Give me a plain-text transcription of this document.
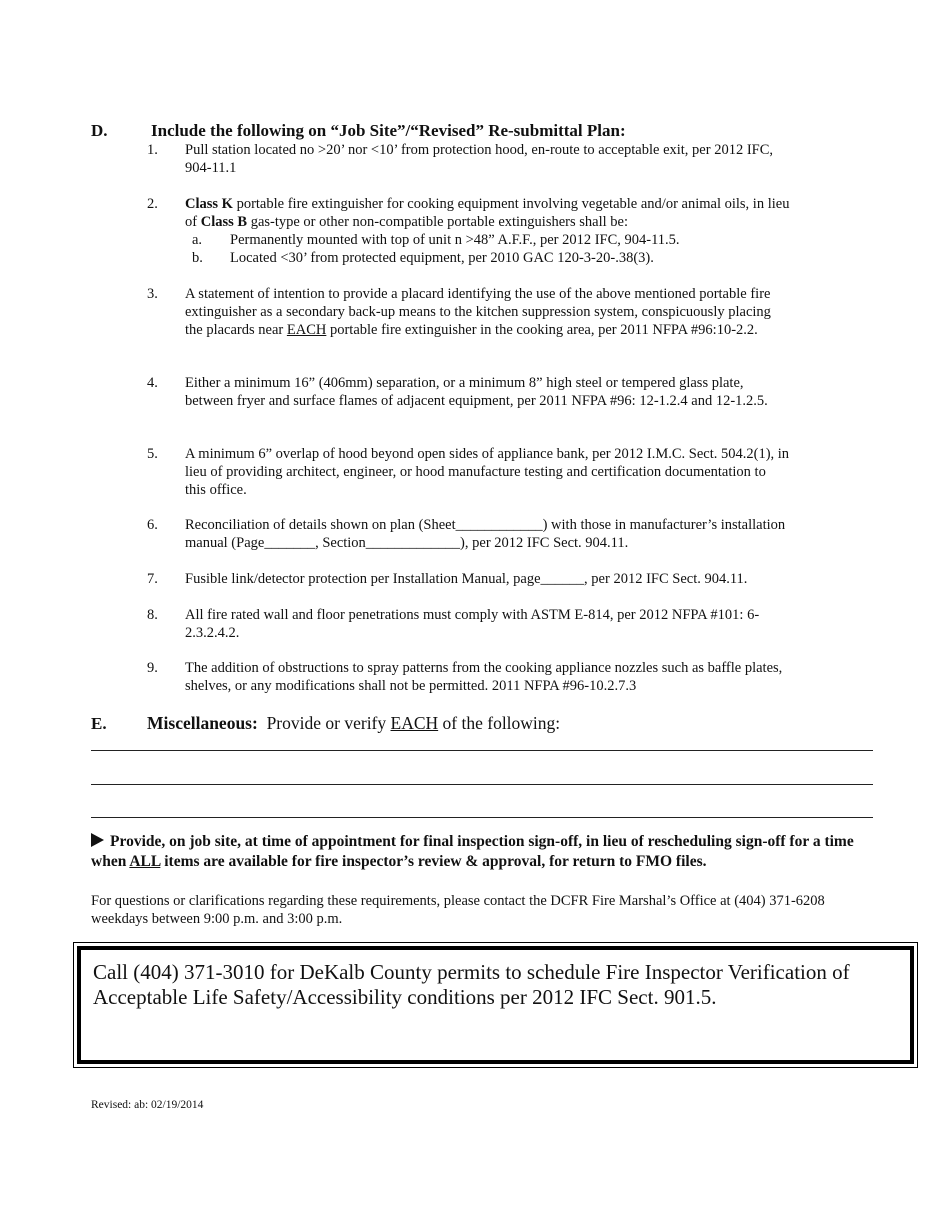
D.	Include the following on “Job Site”/“Revised” Re-submittal Plan:
1. Pull station located no >20’ nor <10’ from protection hood, en-route to acceptable exit, per 2012 IFC, 904-11.1
2. Class K portable fire extinguisher for cooking equipment involving vegetable and/or animal oils, in lieu of Class B gas-type or other non-compatible portable extinguishers shall be:
a. Permanently mounted with top of unit n >48” A.F.F., per 2012 IFC, 904-11.5.
b. Located <30’ from protected equipment, per 2010 GAC 120-3-20-.38(3).
3. A statement of intention to provide a placard identifying the use of the above mentioned portable fire extinguisher as a secondary back-up means to the kitchen suppression system, conspicuously placing the placards near EACH portable fire extinguisher in the cooking area, per 2011 NFPA #96:10-2.2.
4. Either a minimum 16” (406mm) separation, or a minimum 8” high steel or tempered glass plate, between fryer and surface flames of adjacent equipment, per 2011 NFPA #96: 12-1.2.4 and 12-1.2.5.
5. A minimum 6” overlap of hood beyond open sides of appliance bank, per 2012 I.M.C. Sect. 504.2(1), in lieu of providing architect, engineer, or hood manufacture testing and certification documentation to this office.
6. Reconciliation of details shown on plan (Sheet____________) with those in manufacturer’s installation manual (Page_______, Section_____________), per 2012 IFC Sect. 904.11.
7. Fusible link/detector protection per Installation Manual, page______, per 2012 IFC Sect. 904.11.
8. All fire rated wall and floor penetrations must comply with ASTM E-814, per 2012 NFPA #101: 6-2.3.2.4.2.
9. The addition of obstructions to spray patterns from the cooking appliance nozzles such as baffle plates, shelves, or any modifications shall not be permitted. 2011 NFPA #96-10.2.7.3
E. Miscellaneous:  Provide or verify EACH of the following:
Provide, on job site, at time of appointment for final inspection sign-off, in lieu of rescheduling sign-off for a time when ALL items are available for fire inspector’s review & approval, for return to FMO files.
For questions or clarifications regarding these requirements, please contact the DCFR Fire Marshal’s Office at (404) 371-6208 weekdays between 9:00 p.m. and 3:00 p.m.
Call (404) 371-3010 for DeKalb County permits to schedule Fire Inspector Verification of Acceptable Life Safety/Accessibility conditions per 2012 IFC Sect. 901.5.
Revised: ab: 02/19/2014
